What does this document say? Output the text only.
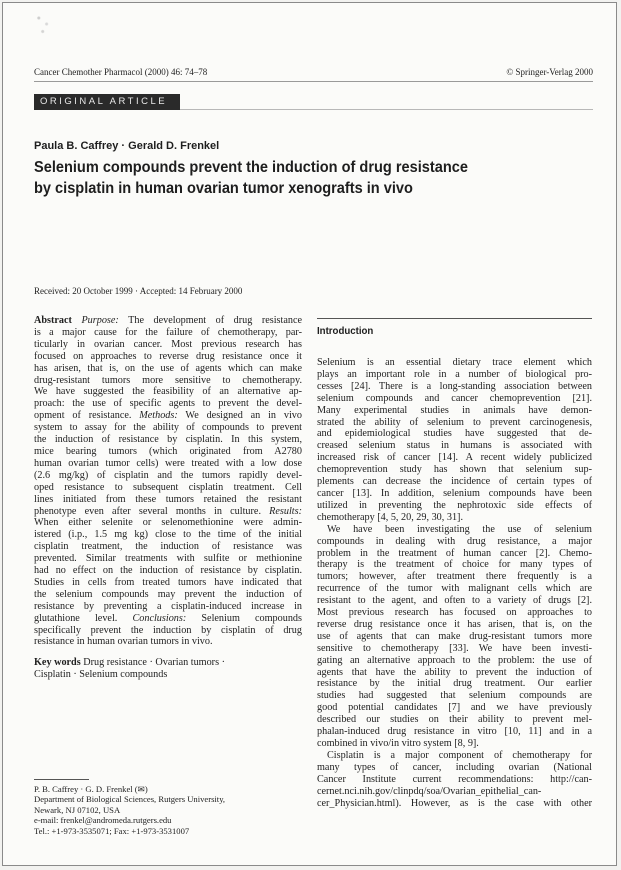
Cancer Chemother Pharmacol (2000) 46: 74–78	© Springer-Verlag 2000
ORIGINAL ARTICLE
Paula B. Caffrey · Gerald D. Frenkel
Selenium compounds prevent the induction of drug resistance
by cisplatin in human ovarian tumor xenografts in vivo
Received: 20 October 1999 · Accepted: 14 February 2000
Abstract Purpose: The development of drug resistance
is a major cause for the failure of chemotherapy, par-
ticularly in ovarian cancer. Most previous research has
focused on approaches to reverse drug resistance once it
has arisen, that is, on the use of agents which can make
drug-resistant tumors more sensitive to chemotherapy.
We have suggested the feasibility of an alternative ap-
proach: the use of specific agents to prevent the devel-
opment of resistance. Methods: We designed an in vivo
system to assay for the ability of compounds to prevent
the induction of resistance by cisplatin. In this system,
mice bearing tumors (which originated from A2780
human ovarian tumor cells) were treated with a low dose
(2.6 mg/kg) of cisplatin and the tumors rapidly devel-
oped resistance to subsequent cisplatin treatment. Cell
lines initiated from these tumors retained the resistant
phenotype even after several months in culture. Results:
When either selenite or selenomethionine were admin-
istered (i.p., 1.5 mg kg) close to the time of the initial
cisplatin treatment, the induction of resistance was
prevented. Similar treatments with sulfite or methionine
had no effect on the induction of resistance by cisplatin.
Studies in cells from treated tumors have indicated that
the selenium compounds may prevent the induction of
resistance by preventing a cisplatin-induced increase in
glutathione level. Conclusions: Selenium compounds
specifically prevent the induction by cisplatin of drug
resistance in human ovarian tumors in vivo.
Key words Drug resistance · Ovarian tumors ·
Cisplatin · Selenium compounds
Introduction
Selenium is an essential dietary trace element which
plays an important role in a number of biological pro-
cesses [24]. There is a long-standing association between
selenium compounds and cancer chemoprevention [21].
Many experimental studies in animals have demon-
strated the ability of selenium to prevent carcinogenesis,
and epidemiological studies have suggested that de-
creased selenium status in humans is associated with
increased risk of cancer [14]. A recent widely publicized
chemoprevention study has shown that selenium sup-
plements can decrease the incidence of certain types of
cancer [13]. In addition, selenium compounds have been
utilized in preventing the nephrotoxic side effects of
chemotherapy [4, 5, 20, 29, 30, 31].
We have been investigating the use of selenium
compounds in dealing with drug resistance, a major
problem in the treatment of human cancer [2]. Chemo-
therapy is the treatment of choice for many types of
tumors; however, after treatment there frequently is a
recurrence of the tumor with malignant cells which are
resistant to the agent, and often to a variety of drugs [2].
Most previous research has focused on approaches to
reverse drug resistance once it has arisen, that is, on the
use of agents that can make drug-resistant tumors more
sensitive to chemotherapy [33]. We have been investi-
gating an alternative approach to the problem: the use of
agents that have the ability to prevent the induction of
resistance by the initial drug treatment. Our earlier
studies had suggested that selenium compounds are
good potential candidates [7] and we have previously
described our studies on their ability to prevent mel-
phalan-induced drug resistance in vitro [10, 11] and in a
combined in vivo/in vitro system [8, 9].
Cisplatin is a major component of chemotherapy for
many types of cancer, including ovarian (National
Cancer Institute current recommendations: http://can-
cernet.nci.nih.gov/clinpdq/soa/Ovarian_epithelial_can-
cer_Physician.html). However, as is the case with other
P. B. Caffrey · G. D. Frenkel (✉)
Department of Biological Sciences, Rutgers University,
Newark, NJ 07102, USA
e-mail: frenkel@andromeda.rutgers.edu
Tel.: +1-973-3535071; Fax: +1-973-3531007
